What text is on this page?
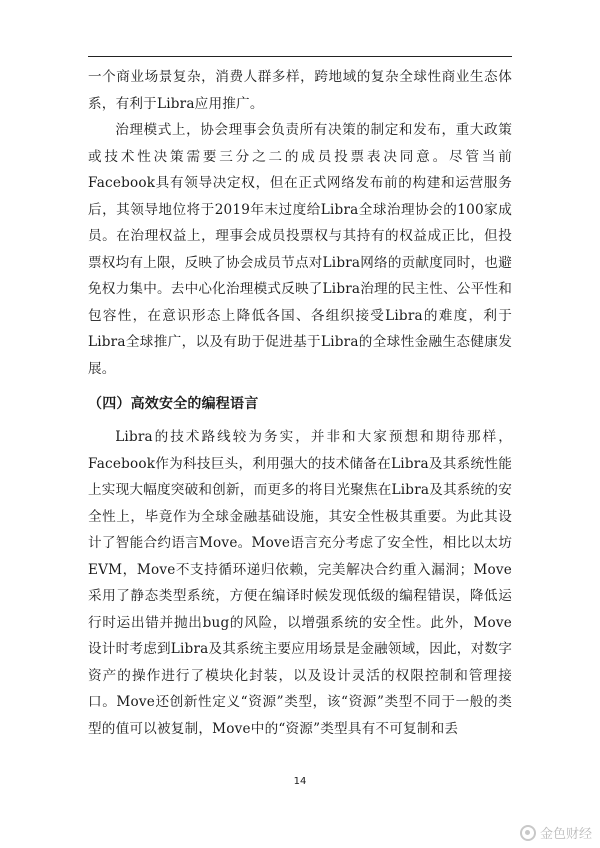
一个商业场景复杂，消费人群多样，跨地域的复杂全球性商业生态体系，有利于Libra应用推广。

治理模式上，协会理事会负责所有决策的制定和发布，重大政策或技术性决策需要三分之二的成员投票表决同意。尽管当前Facebook具有领导决定权，但在正式网络发布前的构建和运营服务后，其领导地位将于2019年末过度给Libra全球治理协会的100家成员。在治理权益上，理事会成员投票权与其持有的权益成正比，但投票权均有上限，反映了协会成员节点对Libra网络的贡献度同时，也避免权力集中。去中心化治理模式反映了Libra治理的民主性、公平性和包容性，在意识形态上降低各国、各组织接受Libra的难度，利于Libra全球推广，以及有助于促进基于Libra的全球性金融生态健康发展。

（四）高效安全的编程语言

Libra的技术路线较为务实，并非和大家预想和期待那样，Facebook作为科技巨头，利用强大的技术储备在Libra及其系统性能上实现大幅度突破和创新，而更多的将目光聚焦在Libra及其系统的安全性上，毕竟作为全球金融基础设施，其安全性极其重要。为此其设计了智能合约语言Move。Move语言充分考虑了安全性，相比以太坊EVM，Move不支持循环递归依赖，完美解决合约重入漏洞；Move采用了静态类型系统，方便在编译时候发现低级的编程错误，降低运行时运出错并抛出bug的风险，以增强系统的安全性。此外，Move设计时考虑到Libra及其系统主要应用场景是金融领域，因此，对数字资产的操作进行了模块化封装，以及设计灵活的权限控制和管理接口。Move还创新性定义“资源”类型，该“资源”类型不同于一般的类型的值可以被复制，Move中的“资源”类型具有不可复制和丢

14
金色财经
